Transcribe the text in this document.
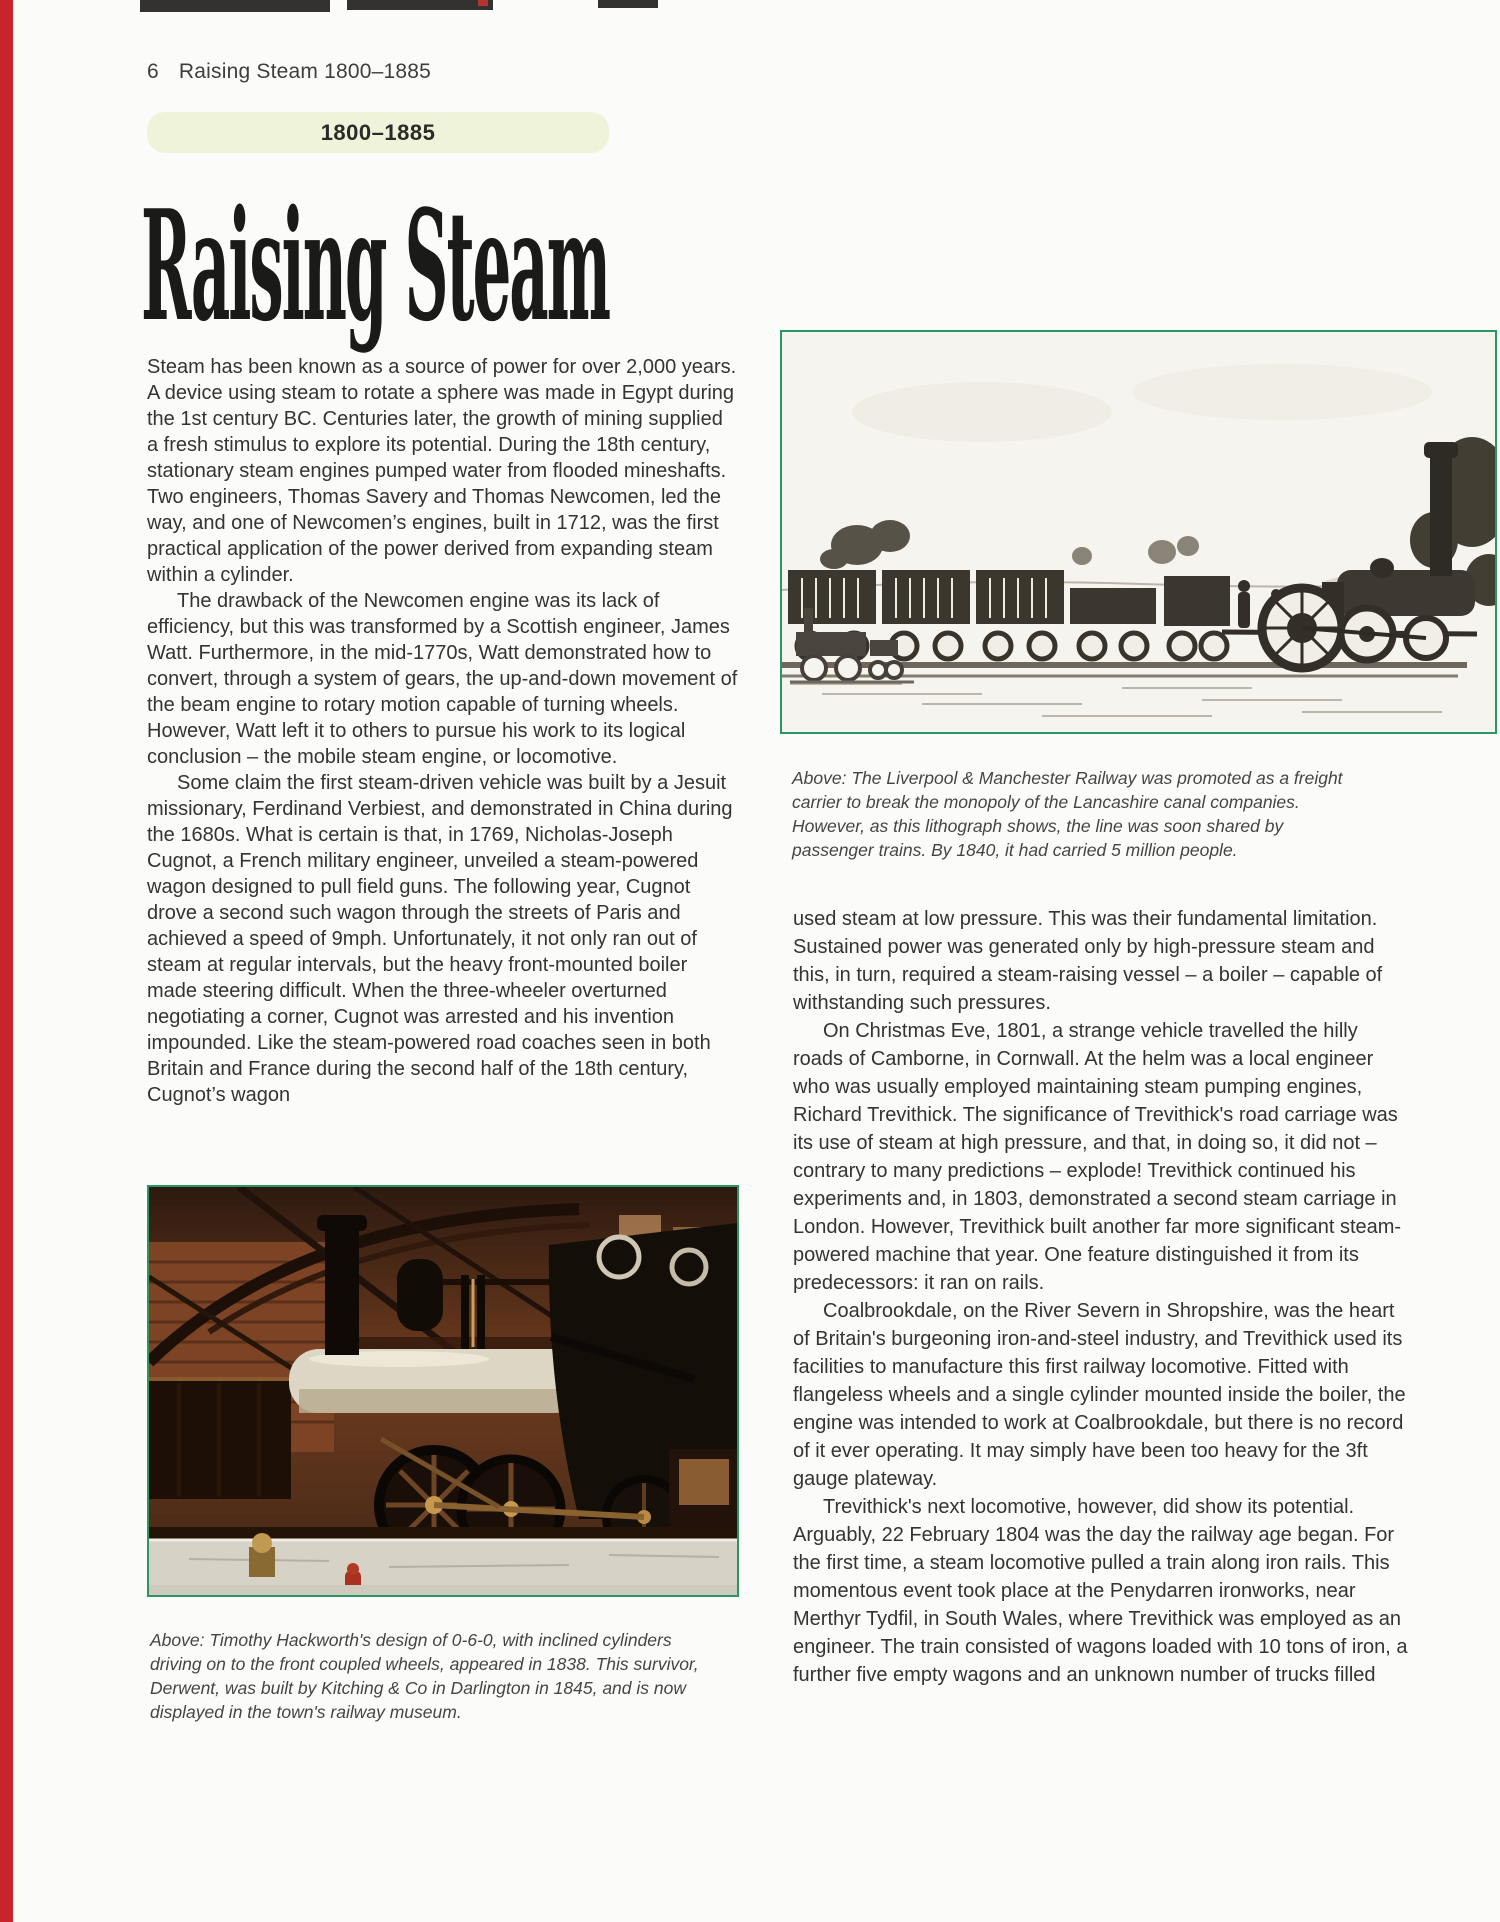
6 Raising Steam 1800–1885
1800–1885
Raising Steam

Steam has been known as a source of power for over 2,000 years. A device using steam to rotate a sphere was made in Egypt during the 1st century BC. Centuries later, the growth of mining supplied a fresh stimulus to explore its potential. During the 18th century, stationary steam engines pumped water from flooded mineshafts. Two engineers, Thomas Savery and Thomas Newcomen, led the way, and one of Newcomen’s engines, built in 1712, was the first practical application of the power derived from expanding steam within a cylinder.

The drawback of the Newcomen engine was its lack of efficiency, but this was transformed by a Scottish engineer, James Watt. Furthermore, in the mid-1770s, Watt demonstrated how to convert, through a system of gears, the up-and-down movement of the beam engine to rotary motion capable of turning wheels. However, Watt left it to others to pursue his work to its logical conclusion – the mobile steam engine, or locomotive.

Some claim the first steam-driven vehicle was built by a Jesuit missionary, Ferdinand Verbiest, and demonstrated in China during the 1680s. What is certain is that, in 1769, Nicholas-Joseph Cugnot, a French military engineer, unveiled a steam-powered wagon designed to pull field guns. The following year, Cugnot drove a second such wagon through the streets of Paris and achieved a speed of 9mph. Unfortunately, it not only ran out of steam at regular intervals, but the heavy front-mounted boiler made steering difficult. When the three-wheeler overturned negotiating a corner, Cugnot was arrested and his invention impounded. Like the steam-powered road coaches seen in both Britain and France during the second half of the 18th century, Cugnot’s wagon

Above: The Liverpool & Manchester Railway was promoted as a freight carrier to break the monopoly of the Lancashire canal companies. However, as this lithograph shows, the line was soon shared by passenger trains. By 1840, it had carried 5 million people.

used steam at low pressure. This was their fundamental limitation. Sustained power was generated only by high-pressure steam and this, in turn, required a steam-raising vessel – a boiler – capable of withstanding such pressures.

On Christmas Eve, 1801, a strange vehicle travelled the hilly roads of Camborne, in Cornwall. At the helm was a local engineer who was usually employed maintaining steam pumping engines, Richard Trevithick. The significance of Trevithick's road carriage was its use of steam at high pressure, and that, in doing so, it did not – contrary to many predictions – explode! Trevithick continued his experiments and, in 1803, demonstrated a second steam carriage in London. However, Trevithick built another far more significant steam-powered machine that year. One feature distinguished it from its predecessors: it ran on rails.

Coalbrookdale, on the River Severn in Shropshire, was the heart of Britain's burgeoning iron-and-steel industry, and Trevithick used its facilities to manufacture this first railway locomotive. Fitted with flangeless wheels and a single cylinder mounted inside the boiler, the engine was intended to work at Coalbrookdale, but there is no record of it ever operating. It may simply have been too heavy for the 3ft gauge plateway.

Trevithick's next locomotive, however, did show its potential. Arguably, 22 February 1804 was the day the railway age began. For the first time, a steam locomotive pulled a train along iron rails. This momentous event took place at the Penydarren ironworks, near Merthyr Tydfil, in South Wales, where Trevithick was employed as an engineer. The train consisted of wagons loaded with 10 tons of iron, a further five empty wagons and an unknown number of trucks filled

Above: Timothy Hackworth's design of 0-6-0, with inclined cylinders driving on to the front coupled wheels, appeared in 1838. This survivor, Derwent, was built by Kitching & Co in Darlington in 1845, and is now displayed in the town's railway museum.
